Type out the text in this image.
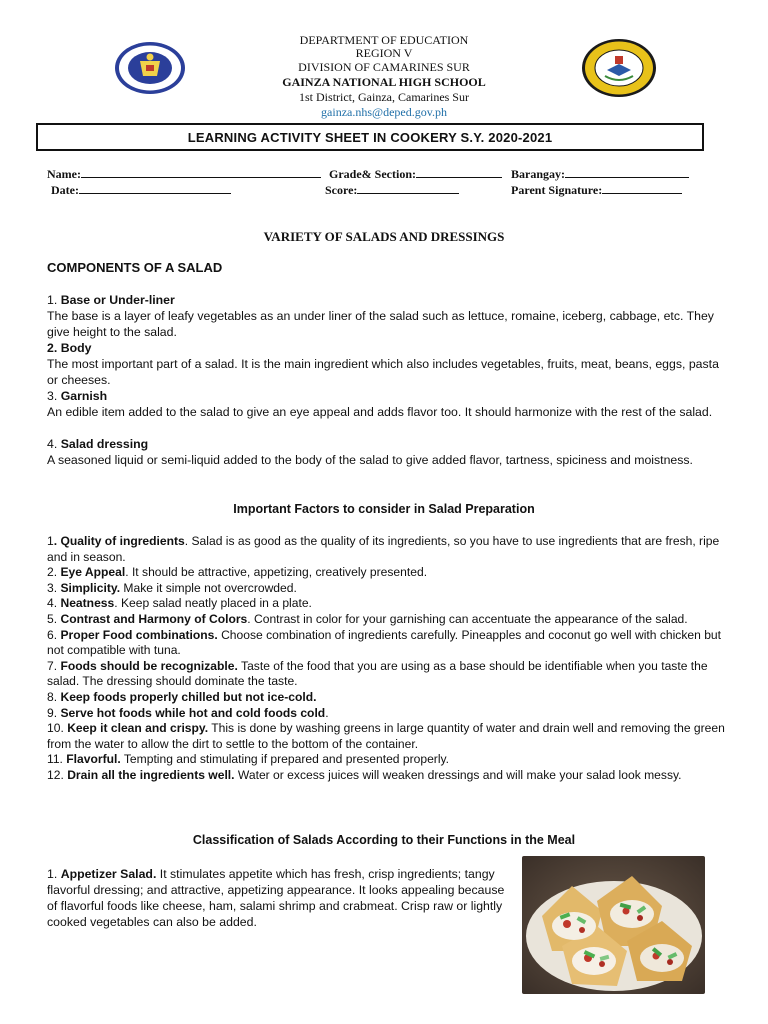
DEPARTMENT OF EDUCATION
REGION V
DIVISION OF CAMARINES SUR
GAINZA NATIONAL HIGH SCHOOL
1st District, Gainza, Camarines Sur
gainza.nhs@deped.gov.ph
LEARNING ACTIVITY SHEET IN COOKERY S.Y. 2020-2021
Name:	Grade& Section:	Barangay:
Date:	Score:	Parent Signature:
VARIETY OF SALADS AND DRESSINGS
COMPONENTS OF A SALAD
1. Base or Under-liner
The base is a layer of leafy vegetables as an under liner of the salad such as lettuce, romaine, iceberg, cabbage, etc. They give height to the salad.
2. Body
The most important part of a salad. It is the main ingredient which also includes vegetables, fruits, meat, beans, eggs, pasta or cheeses.
3. Garnish
An edible item added to the salad to give an eye appeal and adds flavor too. It should harmonize with the rest of the salad.
4. Salad dressing
A seasoned liquid or semi-liquid added to the body of the salad to give added flavor, tartness, spiciness and moistness.
Important Factors to consider in Salad Preparation
1. Quality of ingredients. Salad is as good as the quality of its ingredients, so you have to use ingredients that are fresh, ripe and in season.
2. Eye Appeal. It should be attractive, appetizing, creatively presented.
3. Simplicity. Make it simple not overcrowded.
4. Neatness. Keep salad neatly placed in a plate.
5. Contrast and Harmony of Colors. Contrast in color for your garnishing can accentuate the appearance of the salad.
6. Proper Food combinations. Choose combination of ingredients carefully. Pineapples and coconut go well with chicken but not compatible with tuna.
7. Foods should be recognizable. Taste of the food that you are using as a base should be identifiable when you taste the salad. The dressing should dominate the taste.
8. Keep foods properly chilled but not ice-cold.
9. Serve hot foods while hot and cold foods cold.
10. Keep it clean and crispy. This is done by washing greens in large quantity of water and drain well and removing the green from the water to allow the dirt to settle to the bottom of the container.
11. Flavorful. Tempting and stimulating if prepared and presented properly.
12. Drain all the ingredients well. Water or excess juices will weaken dressings and will make your salad look messy.
Classification of Salads According to their Functions in the Meal
1. Appetizer Salad. It stimulates appetite which has fresh, crisp ingredients; tangy flavorful dressing; and attractive, appetizing appearance. It looks appealing because of flavorful foods like cheese, ham, salami shrimp and crabmeat. Crisp raw or lightly cooked vegetables can also be added.
